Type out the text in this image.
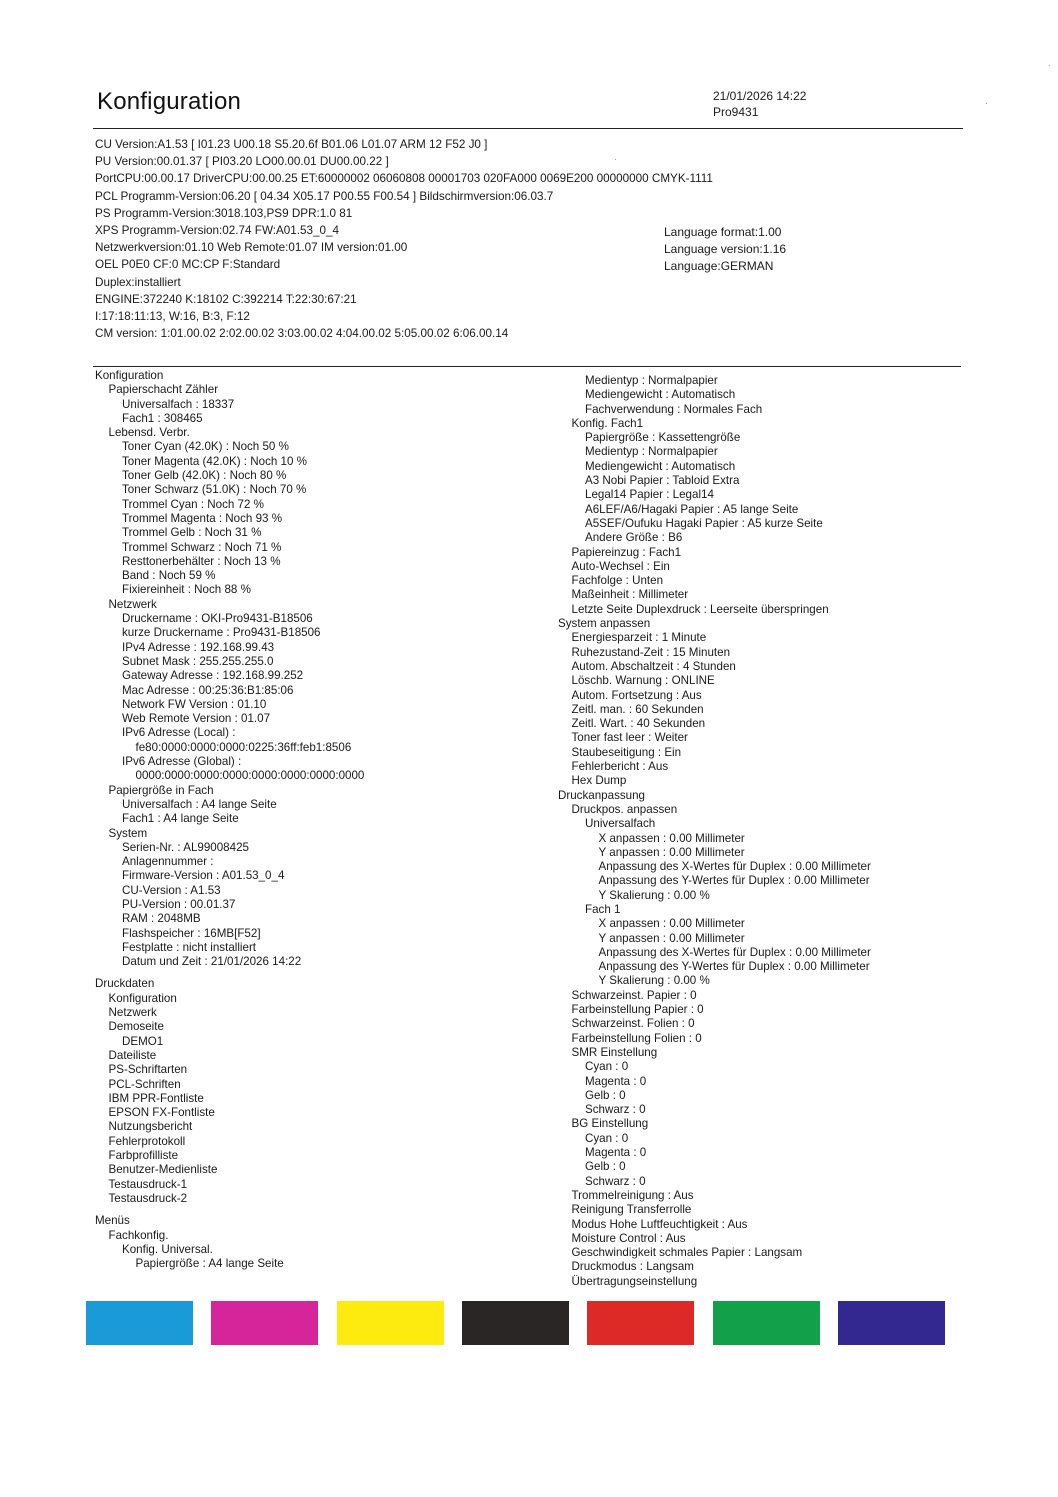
Konfiguration	21/01/2026 14:22
Pro9431
CU Version:A1.53 [ I01.23 U00.18 S5.20.6f B01.06 L01.07 ARM 12 F52 J0 ]
PU Version:00.01.37 [ PI03.20 LO00.00.01 DU00.00.22 ]
PortCPU:00.00.17 DriverCPU:00.00.25 ET:60000002 06060808 00001703 020FA000 0069E200 00000000 CMYK-1111
PCL Programm-Version:06.20 [ 04.34 X05.17 P00.55 F00.54 ] Bildschirmversion:06.03.7
PS Programm-Version:3018.103,PS9 DPR:1.0 81
XPS Programm-Version:02.74 FW:A01.53_0_4
Netzwerkversion:01.10 Web Remote:01.07 IM version:01.00
OEL P0E0 CF:0 MC:CP F:Standard
Duplex:installiert
ENGINE:372240 K:18102 C:392214 T:22:30:67:21
I:17:18:11:13, W:16, B:3, F:12
CM version: 1:01.00.02 2:02.00.02 3:03.00.02 4:04.00.02 5:05.00.02 6:06.00.14
Language format:1.00
Language version:1.16
Language:GERMAN
Konfiguration
Papierschacht Zähler
Universalfach : 18337
Fach1 : 308465
Lebensd. Verbr.
Toner Cyan (42.0K) : Noch 50 %
Toner Magenta (42.0K) : Noch 10 %
Toner Gelb (42.0K) : Noch 80 %
Toner Schwarz (51.0K) : Noch 70 %
Trommel Cyan : Noch 72 %
Trommel Magenta : Noch 93 %
Trommel Gelb : Noch 31 %
Trommel Schwarz : Noch 71 %
Resttonerbehälter : Noch 13 %
Band : Noch 59 %
Fixiereinheit : Noch 88 %
Netzwerk
Druckername : OKI-Pro9431-B18506
kurze Druckername : Pro9431-B18506
IPv4 Adresse : 192.168.99.43
Subnet Mask : 255.255.255.0
Gateway Adresse : 192.168.99.252
Mac Adresse : 00:25:36:B1:85:06
Network FW Version : 01.10
Web Remote Version : 01.07
IPv6 Adresse (Local) :
fe80:0000:0000:0000:0225:36ff:feb1:8506
IPv6 Adresse (Global) :
0000:0000:0000:0000:0000:0000:0000:0000
Papiergröße in Fach
Universalfach : A4 lange Seite
Fach1 : A4 lange Seite
System
Serien-Nr. : AL99008425
Anlagennummer :
Firmware-Version : A01.53_0_4
CU-Version : A1.53
PU-Version : 00.01.37
RAM : 2048MB
Flashspeicher : 16MB[F52]
Festplatte : nicht installiert
Datum und Zeit : 21/01/2026 14:22
Druckdaten
Konfiguration
Netzwerk
Demoseite
DEMO1
Dateiliste
PS-Schriftarten
PCL-Schriften
IBM PPR-Fontliste
EPSON FX-Fontliste
Nutzungsbericht
Fehlerprotokoll
Farbprofilliste
Benutzer-Medienliste
Testausdruck-1
Testausdruck-2
Menüs
Fachkonfig.
Konfig. Universal.
Papiergröße : A4 lange Seite
Medientyp : Normalpapier
Mediengewicht : Automatisch
Fachverwendung : Normales Fach
Konfig. Fach1
Papiergröße : Kassettengröße
Medientyp : Normalpapier
Mediengewicht : Automatisch
A3 Nobi Papier : Tabloid Extra
Legal14 Papier : Legal14
A6LEF/A6/Hagaki Papier : A5 lange Seite
A5SEF/Oufuku Hagaki Papier : A5 kurze Seite
Andere Größe : B6
Papiereinzug : Fach1
Auto-Wechsel : Ein
Fachfolge : Unten
Maßeinheit : Millimeter
Letzte Seite Duplexdruck : Leerseite überspringen
System anpassen
Energiesparzeit : 1 Minute
Ruhezustand-Zeit : 15 Minuten
Autom. Abschaltzeit : 4 Stunden
Löschb. Warnung : ONLINE
Autom. Fortsetzung : Aus
Zeitl. man. : 60 Sekunden
Zeitl. Wart. : 40 Sekunden
Toner fast leer : Weiter
Staubeseitigung : Ein
Fehlerbericht : Aus
Hex Dump
Druckanpassung
Druckpos. anpassen
Universalfach
X anpassen : 0.00 Millimeter
Y anpassen : 0.00 Millimeter
Anpassung des X-Wertes für Duplex : 0.00 Millimeter
Anpassung des Y-Wertes für Duplex : 0.00 Millimeter
Y Skalierung : 0.00 %
Fach 1
X anpassen : 0.00 Millimeter
Y anpassen : 0.00 Millimeter
Anpassung des X-Wertes für Duplex : 0.00 Millimeter
Anpassung des Y-Wertes für Duplex : 0.00 Millimeter
Y Skalierung : 0.00 %
Schwarzeinst. Papier : 0
Farbeinstellung Papier : 0
Schwarzeinst. Folien : 0
Farbeinstellung Folien : 0
SMR Einstellung
Cyan : 0
Magenta : 0
Gelb : 0
Schwarz : 0
BG Einstellung
Cyan : 0
Magenta : 0
Gelb : 0
Schwarz : 0
Trommelreinigung : Aus
Reinigung Transferrolle
Modus Hohe Luftfeuchtigkeit : Aus
Moisture Control : Aus
Geschwindigkeit schmales Papier : Langsam
Druckmodus : Langsam
Übertragungseinstellung
.
.
.
